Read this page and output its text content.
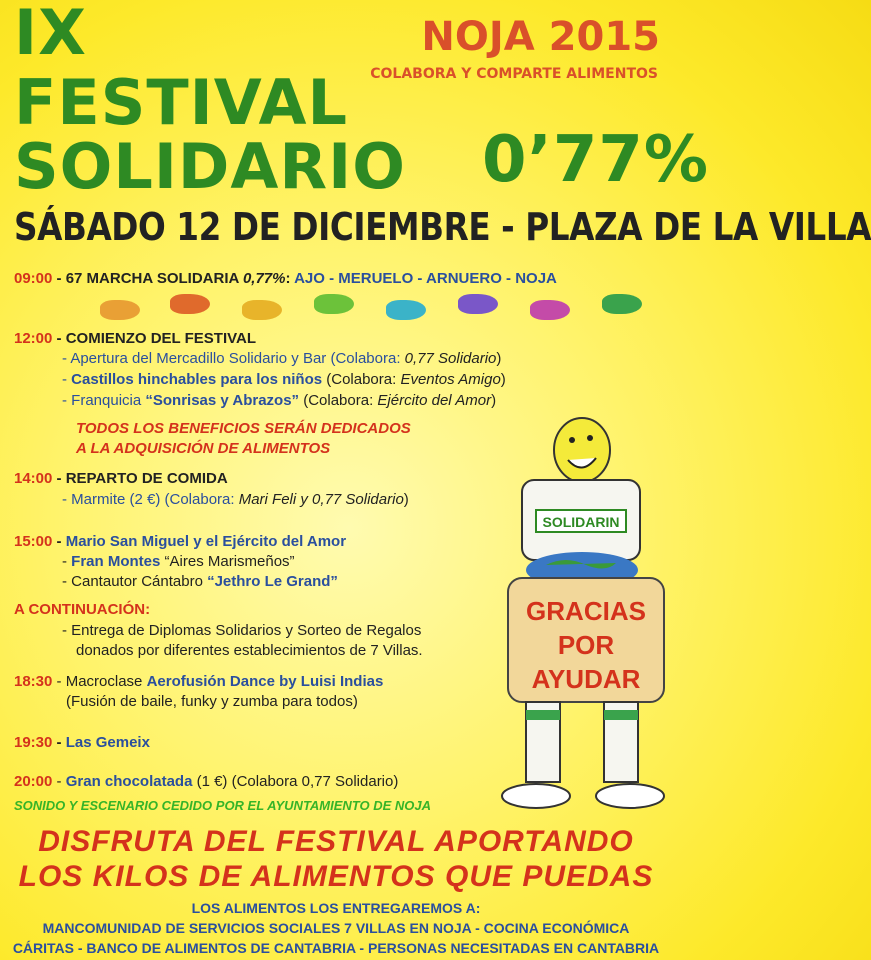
IX
FESTIVAL
SOLIDARIO 0’77%
NOJA 2015
COLABORA Y COMPARTE ALIMENTOS
SÁBADO 12 DE DICIEMBRE - PLAZA DE LA VILLA
09:00 - 67 MARCHA SOLIDARIA 0,77%: AJO - MERUELO - ARNUERO - NOJA
12:00 - COMIENZO DEL FESTIVAL
- Apertura del Mercadillo Solidario y Bar (Colabora: 0,77 Solidario)
- Castillos hinchables para los niños (Colabora: Eventos Amigo)
- Franquicia “Sonrisas y Abrazos” (Colabora: Ejército del Amor)
TODOS LOS BENEFICIOS SERÁN DEDICADOS
A LA ADQUISICIÓN DE ALIMENTOS
14:00 - REPARTO DE COMIDA
- Marmite (2 €) (Colabora: Mari Feli y 0,77 Solidario)
15:00 - Mario San Miguel y el Ejército del Amor
- Fran Montes “Aires Marismeños”
- Cantautor Cántabro “Jethro Le Grand”
A CONTINUACIÓN:
- Entrega de Diplomas Solidarios y Sorteo de Regalos
donados por diferentes establecimientos de 7 Villas.
18:30 - Macroclase Aerofusión Dance by Luisi Indias
(Fusión de baile, funky y zumba para todos)
19:30 - Las Gemeix
20:00 - Gran chocolatada (1 €) (Colabora 0,77 Solidario)
SONIDO Y ESCENARIO CEDIDO POR EL AYUNTAMIENTO DE NOJA
SOLIDARIN
GRACIAS
POR
AYUDAR
DISFRUTA DEL FESTIVAL APORTANDO
LOS KILOS DE ALIMENTOS QUE PUEDAS
LOS ALIMENTOS LOS ENTREGAREMOS A:
MANCOMUNIDAD DE SERVICIOS SOCIALES 7 VILLAS EN NOJA - COCINA ECONÓMICA
CÁRITAS - BANCO DE ALIMENTOS DE CANTABRIA - PERSONAS NECESITADAS EN CANTABRIA
